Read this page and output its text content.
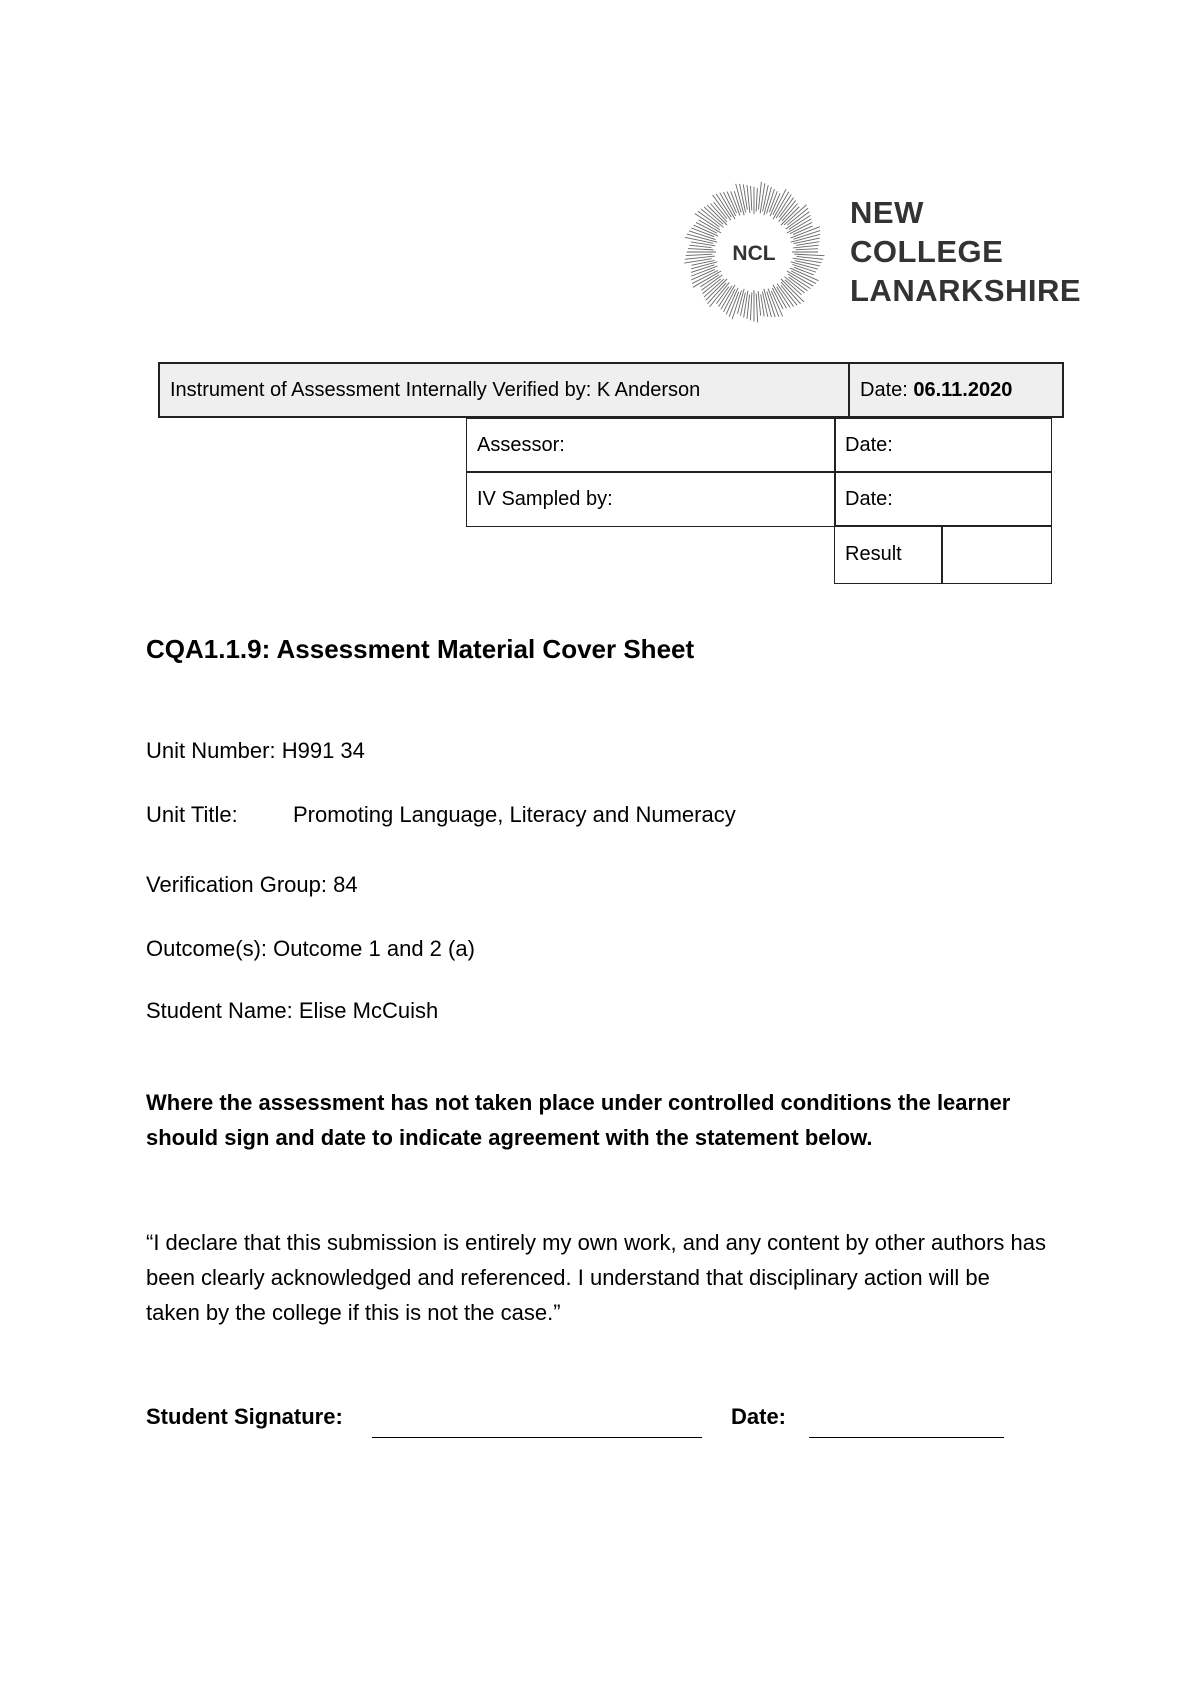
NCL
NEW
COLLEGE
LANARKSHIRE
Instrument of Assessment Internally Verified by: K Anderson	Date: 06.11.2020
Assessor:	Date:
IV Sampled by:	Date:
Result
CQA1.1.9: Assessment Material Cover Sheet
Unit Number: H991 34
Unit Title:	Promoting Language, Literacy and Numeracy
Verification Group: 84
Outcome(s): Outcome 1 and 2 (a)
Student Name: Elise McCuish
Where the assessment has not taken place under controlled conditions the learner should sign and date to indicate agreement with the statement below.
“I declare that this submission is entirely my own work, and any content by other authors has been clearly acknowledged and referenced. I understand that disciplinary action will be taken by the college if this is not the case.”
Student Signature:	Date:
